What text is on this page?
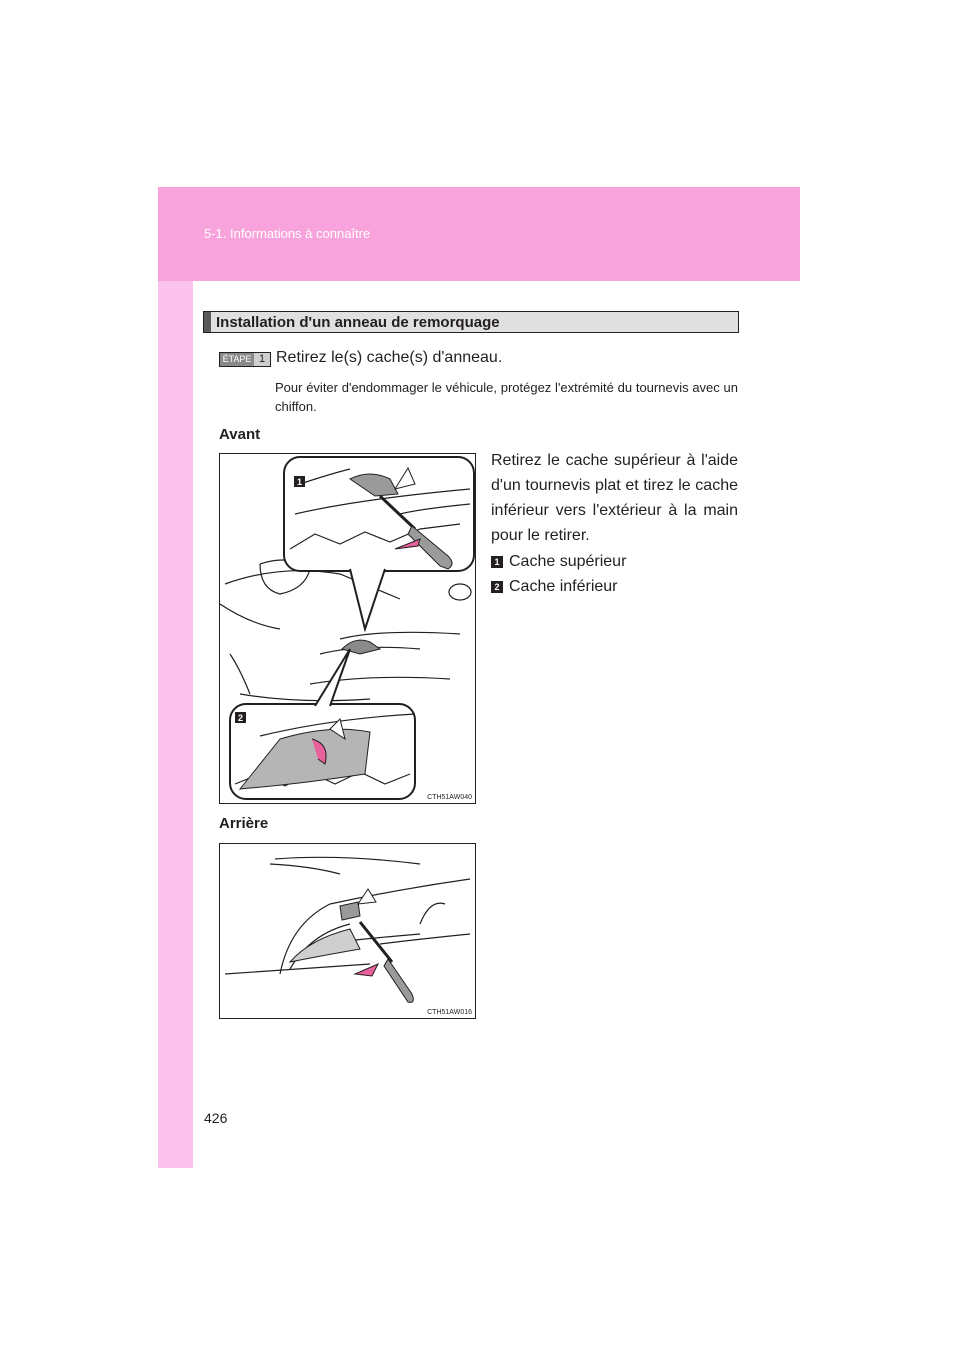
5-1. Informations à connaître
Installation d'un anneau de remorquage
ÉTAPE 1 Retirez le(s) cache(s) d'anneau.
Pour éviter d'endommager le véhicule, protégez l'extrémité du tournevis avec un chiffon.
Avant
1
2
CTH51AW040
Retirez le cache supérieur à l'aide d'un tournevis plat et tirez le cache inférieur vers l'extérieur à la main pour le retirer.
1 Cache supérieur
2 Cache inférieur
Arrière
CTH51AW016
426
